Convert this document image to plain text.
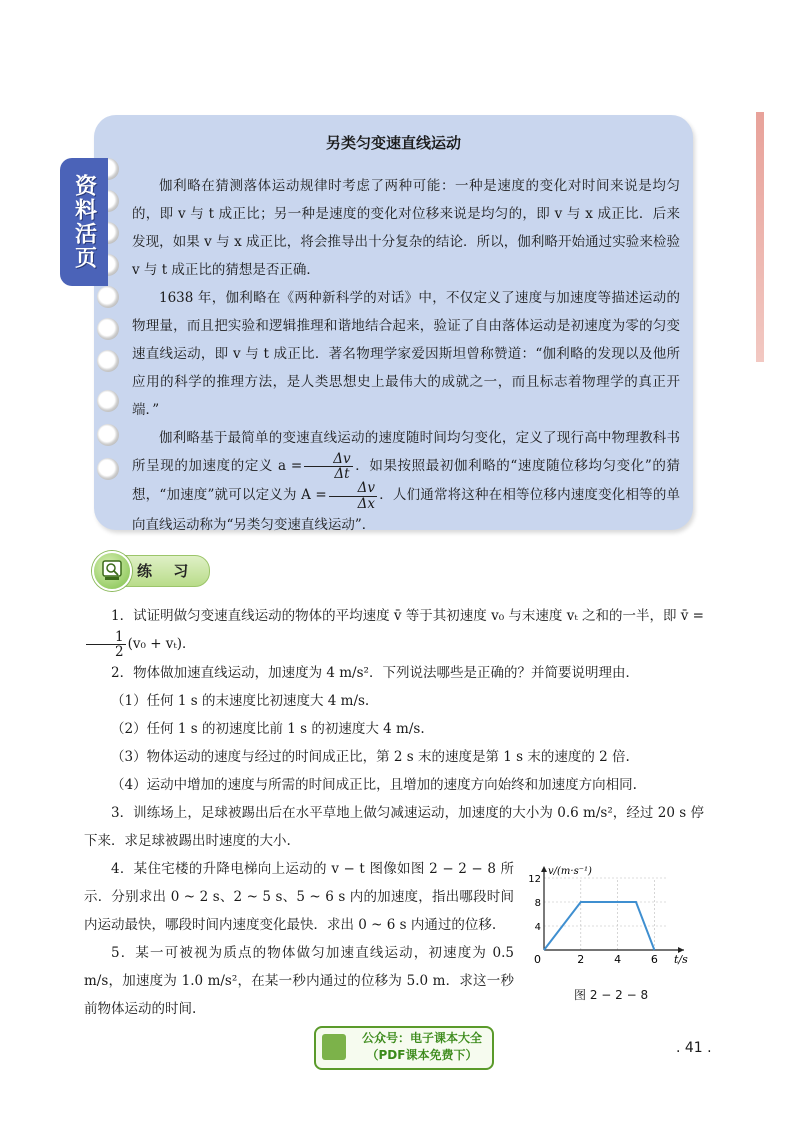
资料活页
另类匀变速直线运动

伽利略在猜测落体运动规律时考虑了两种可能：一种是速度的变化对时间来说是均匀的，即 v 与 t 成正比；另一种是速度的变化对位移来说是均匀的，即 v 与 x 成正比．后来发现，如果 v 与 x 成正比，将会推导出十分复杂的结论．所以，伽利略开始通过实验来检验 v 与 t 成正比的猜想是否正确．

1638 年，伽利略在《两种新科学的对话》中，不仅定义了速度与加速度等描述运动的物理量，而且把实验和逻辑推理和谐地结合起来，验证了自由落体运动是初速度为零的匀变速直线运动，即 v 与 t 成正比．著名物理学家爱因斯坦曾称赞道：“伽利略的发现以及他所应用的科学的推理方法，是人类思想史上最伟大的成就之一，而且标志着物理学的真正开端．”

伽利略基于最简单的变速直线运动的速度随时间均匀变化，定义了现行高中物理教科书所呈现的加速度的定义 $a = \frac{\Delta v}{\Delta t}$ ．如果按照最初伽利略的“速度随位移均匀变化”的猜想，“加速度”就可以定义为 $A = \frac{\Delta v}{\Delta x}$ ．人们通常将这种在相等位移内速度变化相等的单向直线运动称为“另类匀变速直线运动”．

练 习

1．试证明做匀变速直线运动的物体的平均速度 v̄ 等于其初速度 v₀ 与末速度 vₜ 之和的一半，即 v̄ =
$\frac{1}{2} (v_0 + v_t)$．

2．物体做加速直线运动，加速度为 4 m/s²．下列说法哪些是正确的？并简要说明理由．

（1）任何 1 s 的末速度比初速度大 4 m/s.

（2）任何 1 s 的初速度比前 1 s 的初速度大 4 m/s.

（3）物体运动的速度与经过的时间成正比，第 2 s 末的速度是第 1 s 末的速度的 2 倍.

（4）运动中增加的速度与所需的时间成正比，且增加的速度方向始终和加速度方向相同.

3．训练场上，足球被踢出后在水平草地上做匀减速运动，加速度的大小为 0.6 m/s²，经过 20 s 停下来．求足球被踢出时速度的大小.

4．某住宅楼的升降电梯向上运动的 v − t 图像如图 2 − 2 − 8 所示．分别求出 0 ~ 2 s、2 ~ 5 s、5 ~ 6 s 内的加速度，指出哪段时间内运动最快，哪段时间内速度变化最快．求出 0 ~ 6 s 内通过的位移.

5．某一可被视为质点的物体做匀加速直线运动，初速度为 0.5 m/s，加速度为 1.0 m/s²，在某一秒内通过的位移为 5.0 m．求这一秒前物体运动的时间.

4
8
12
2	4	6
v/(m·s⁻¹)
t/s
0
图 2 − 2 − 8
公众号：电子课本大全
（PDF课本免费下）	. 41 .
